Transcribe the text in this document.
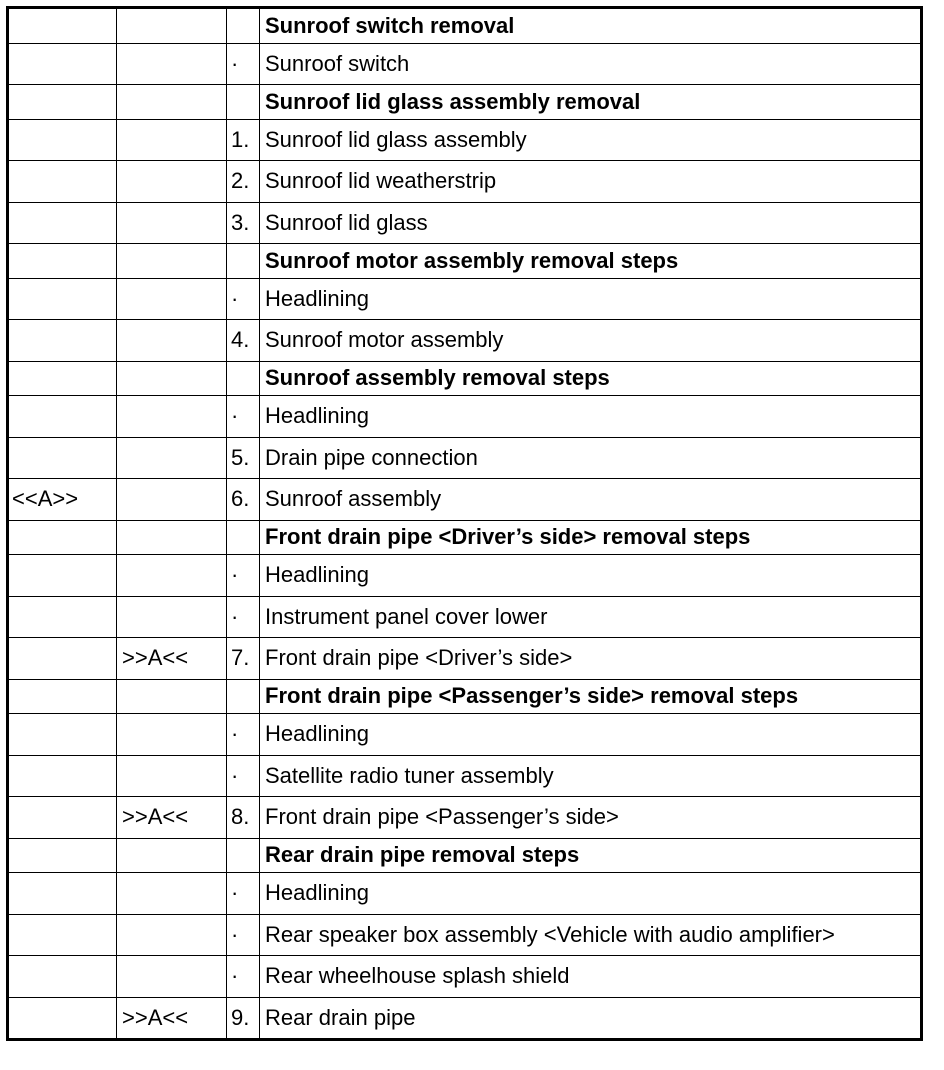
			Sunroof switch removal
		·	Sunroof switch
			Sunroof lid glass assembly removal
		1.	Sunroof lid glass assembly
		2.	Sunroof lid weatherstrip
		3.	Sunroof lid glass
			Sunroof motor assembly removal steps
		·	Headlining
		4.	Sunroof motor assembly
			Sunroof assembly removal steps
		·	Headlining
		5.	Drain pipe connection
<<A>>		6.	Sunroof assembly
			Front drain pipe <Driver’s side> removal steps
		·	Headlining
		·	Instrument panel cover lower
	>>A<<	7.	Front drain pipe <Driver’s side>
			Front drain pipe <Passenger’s side> removal steps
		·	Headlining
		·	Satellite radio tuner assembly
	>>A<<	8.	Front drain pipe <Passenger’s side>
			Rear drain pipe removal steps
		·	Headlining
		·	Rear speaker box assembly <Vehicle with audio amplifier>
		·	Rear wheelhouse splash shield
	>>A<<	9.	Rear drain pipe
